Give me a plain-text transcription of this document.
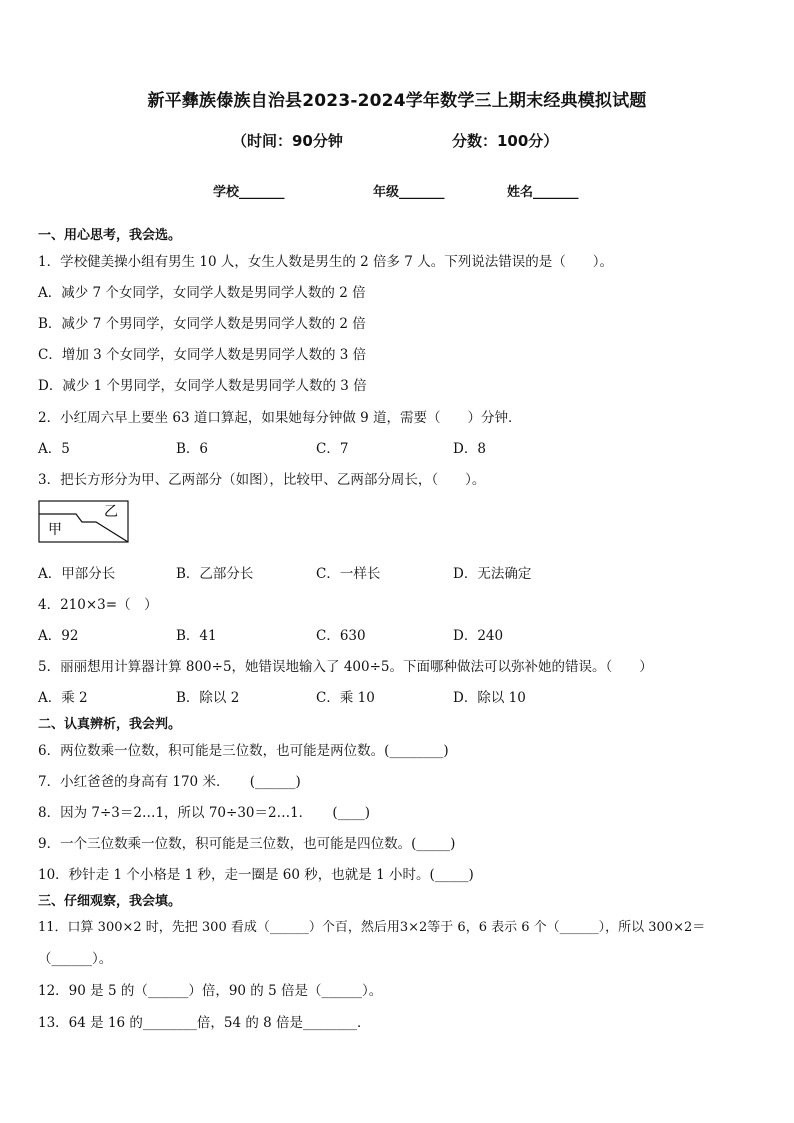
新平彝族傣族自治县2023-2024学年数学三上期末经典模拟试题
（时间：90分钟	分数：100分）
学校_______	年级_______	姓名_______
一、用心思考，我会选。
1．学校健美操小组有男生 10 人，女生人数是男生的 2 倍多 7 人。下列说法错误的是（　　）。
A．减少 7 个女同学，女同学人数是男同学人数的 2 倍
B．减少 7 个男同学，女同学人数是男同学人数的 2 倍
C．增加 3 个女同学，女同学人数是男同学人数的 3 倍
D．减少 1 个男同学，女同学人数是男同学人数的 3 倍
2．小红周六早上要坐 63 道口算起，如果她每分钟做 9 道，需要（　　）分钟．
A．5	B．6	C．7	D．8
3．把长方形分为甲、乙两部分（如图），比较甲、乙两部分周长，（　　）。
甲
乙
A．甲部分长	B．乙部分长	C．一样长	D．无法确定
4．210×3=（　）
A．92	B．41	C．630	D．240
5．丽丽想用计算器计算 800÷5，她错误地输入了 400÷5。下面哪种做法可以弥补她的错误。（　　）
A．乘 2	B．除以 2	C．乘 10	D．除以 10
二、认真辨析，我会判。
6．两位数乘一位数，积可能是三位数，也可能是两位数。(________)
7．小红爸爸的身高有 170 米．　　(______)
8．因为 7÷3＝2…1，所以 70÷30＝2…1．　　(____)
9．一个三位数乘一位数，积可能是三位数，也可能是四位数。(_____)
10．秒针走 1 个小格是 1 秒，走一圈是 60 秒，也就是 1 小时。(_____)
三、仔细观察，我会填。
11．口算 300×2 时，先把 300 看成（______）个百，然后用3×2等于 6，6 表示 6 个（______），所以 300×2＝
（______）。
12．90 是 5 的（______）倍，90 的 5 倍是（______）。
13．64 是 16 的________倍，54 的 8 倍是________．
